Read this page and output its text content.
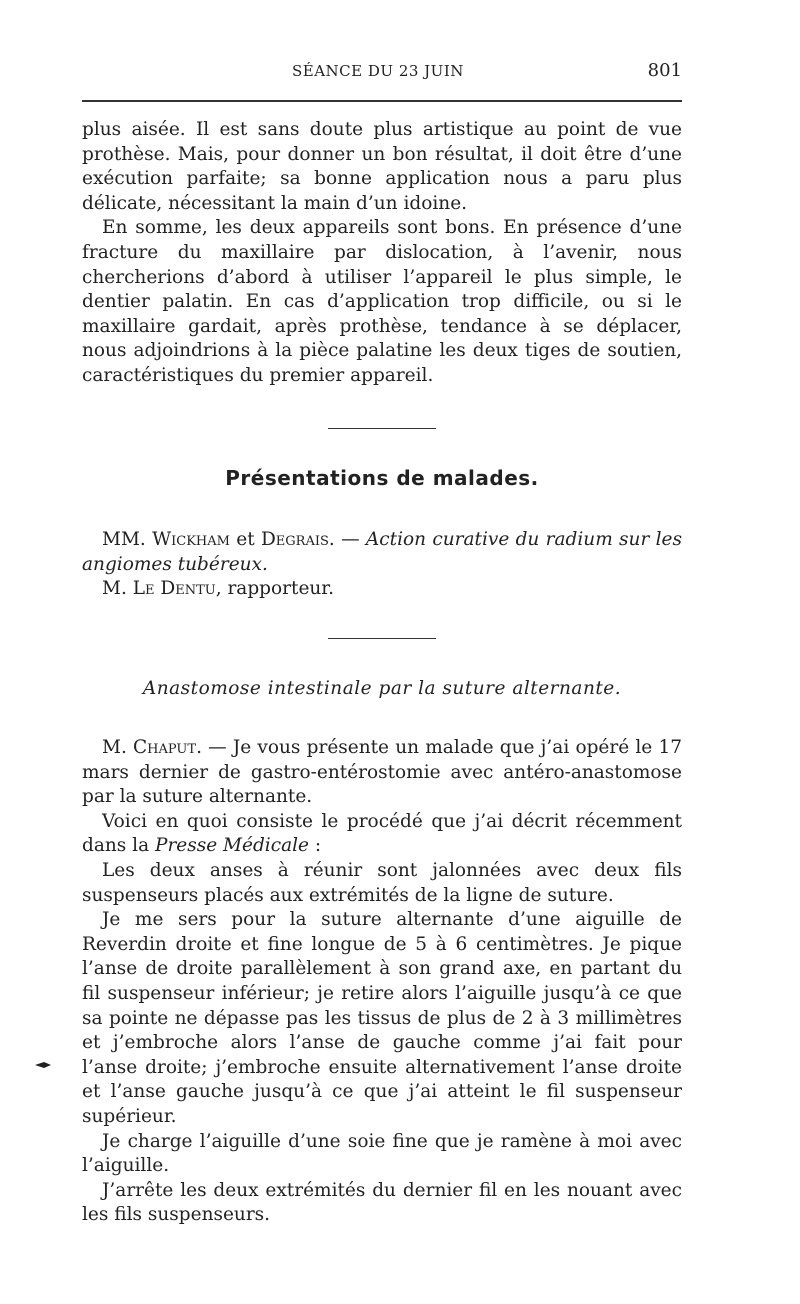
SÉANCE DU 23 JUIN	801

plus aisée. Il est sans doute plus artistique au point de vue prothèse. Mais, pour donner un bon résultat, il doit être d’une exécution parfaite; sa bonne application nous a paru plus délicate, nécessitant la main d’un idoine.

En somme, les deux appareils sont bons. En présence d’une fracture du maxillaire par dislocation, à l’avenir, nous chercherions d’abord à utiliser l’appareil le plus simple, le dentier palatin. En cas d’application trop difficile, ou si le maxillaire gardait, après prothèse, tendance à se déplacer, nous adjoindrions à la pièce palatine les deux tiges de soutien, caractéristiques du premier appareil.

Présentations de malades.

MM. Wickham et Degrais. — Action curative du radium sur les angiomes tubéreux.

M. Le Dentu, rapporteur.

Anastomose intestinale par la suture alternante.

M. Chaput. — Je vous présente un malade que j’ai opéré le 17 mars dernier de gastro-entérostomie avec antéro-anastomose par la suture alternante.

Voici en quoi consiste le procédé que j’ai décrit récemment dans la Presse Médicale :

Les deux anses à réunir sont jalonnées avec deux fils suspenseurs placés aux extrémités de la ligne de suture.

Je me sers pour la suture alternante d’une aiguille de Reverdin droite et fine longue de 5 à 6 centimètres. Je pique l’anse de droite parallèlement à son grand axe, en partant du fil suspenseur inférieur; je retire alors l’aiguille jusqu’à ce que sa pointe ne dépasse pas les tissus de plus de 2 à 3 millimètres et j’embroche alors l’anse de gauche comme j’ai fait pour l’anse droite; j’embroche ensuite alternativement l’anse droite et l’anse gauche jusqu’à ce que j’ai atteint le fil suspenseur supérieur.

Je charge l’aiguille d’une soie fine que je ramène à moi avec l’aiguille.

J’arrête les deux extrémités du dernier fil en les nouant avec les fils suspenseurs.
